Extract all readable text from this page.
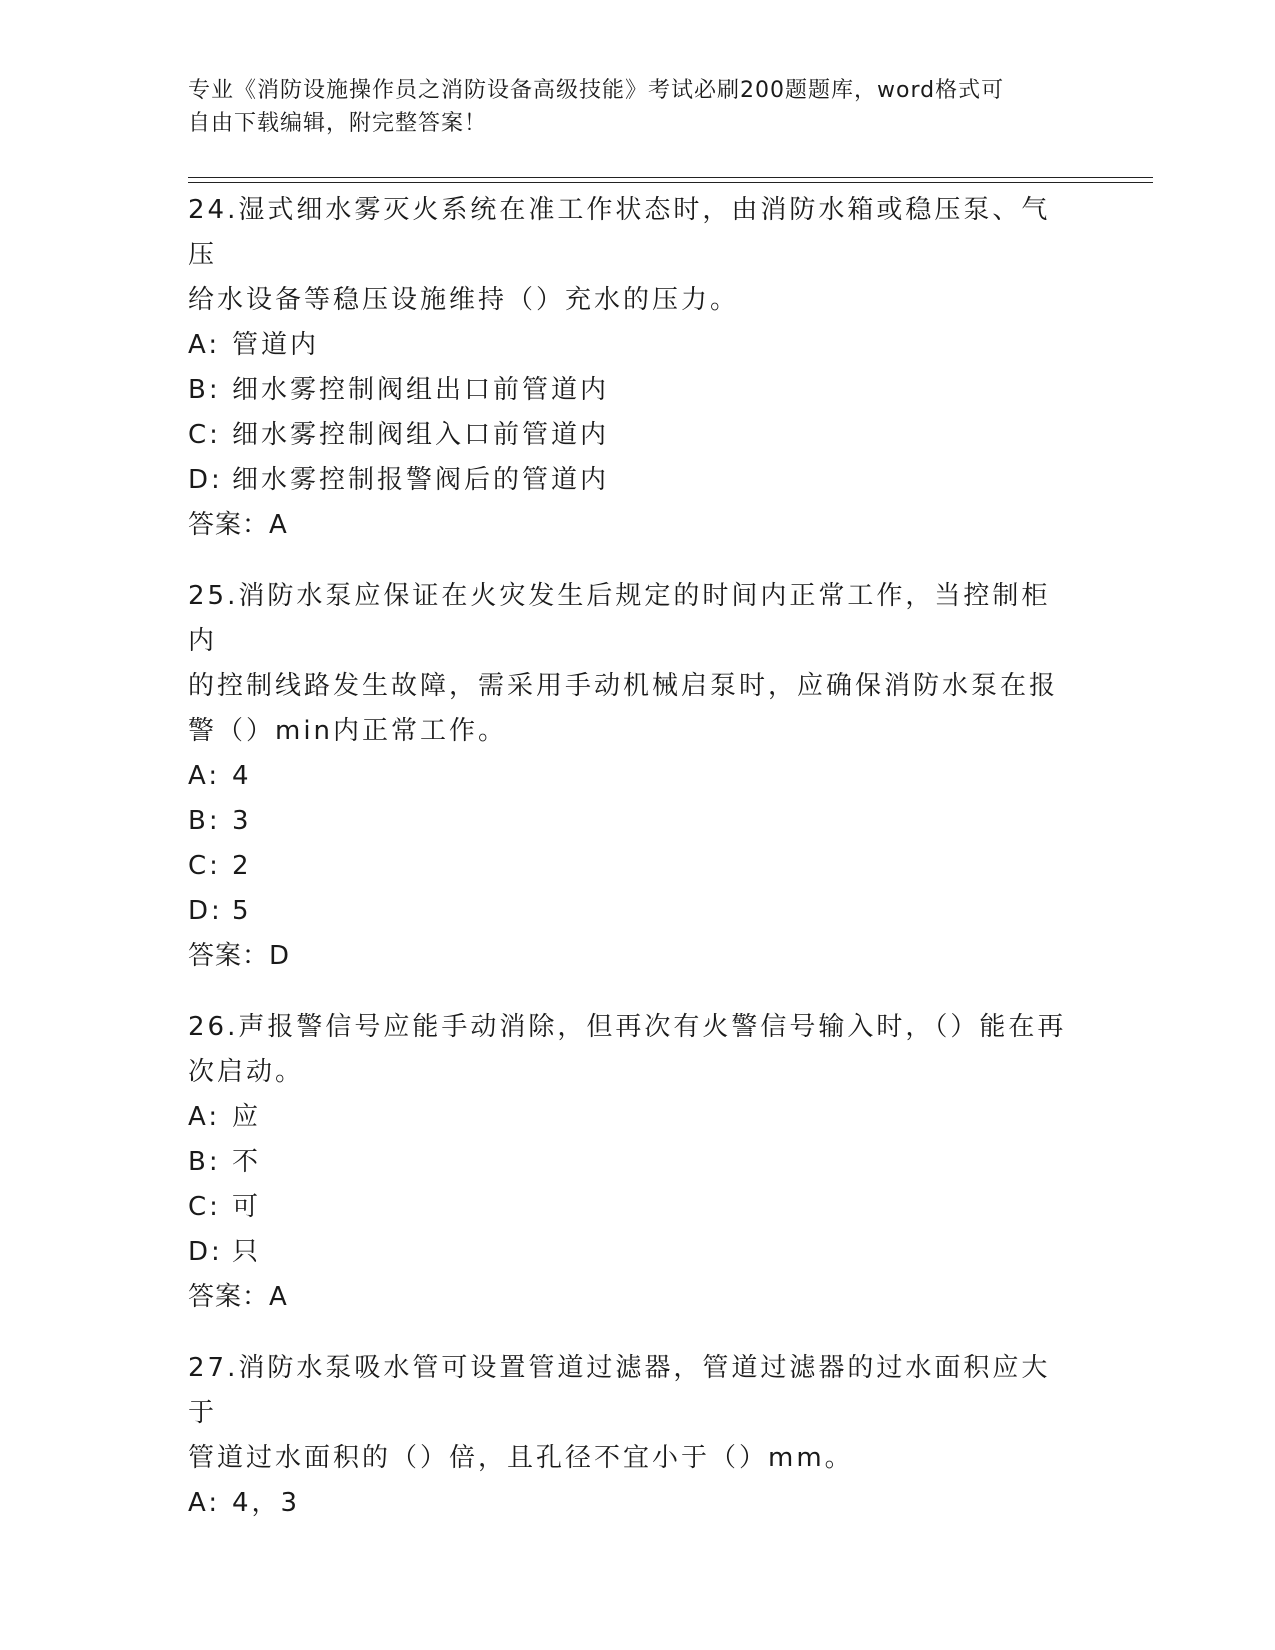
专业《消防设施操作员之消防设备高级技能》考试必刷200题题库，word格式可
自由下载编辑，附完整答案！

24.湿式细水雾灭火系统在准工作状态时，由消防水箱或稳压泵、气压
给水设备等稳压设施维持（）充水的压力。

A: 管道内

B: 细水雾控制阀组出口前管道内

C: 细水雾控制阀组入口前管道内

D: 细水雾控制报警阀后的管道内

答案：A

25.消防水泵应保证在火灾发生后规定的时间内正常工作，当控制柜内
的控制线路发生故障，需采用手动机械启泵时，应确保消防水泵在报
警（）min内正常工作。

A: 4

B: 3

C: 2

D: 5

答案：D

26.声报警信号应能手动消除，但再次有火警信号输入时，（）能在再
次启动。

A: 应

B: 不

C: 可

D: 只

答案：A

27.消防水泵吸水管可设置管道过滤器，管道过滤器的过水面积应大于
管道过水面积的（）倍，且孔径不宜小于（）mm。

A: 4，3
